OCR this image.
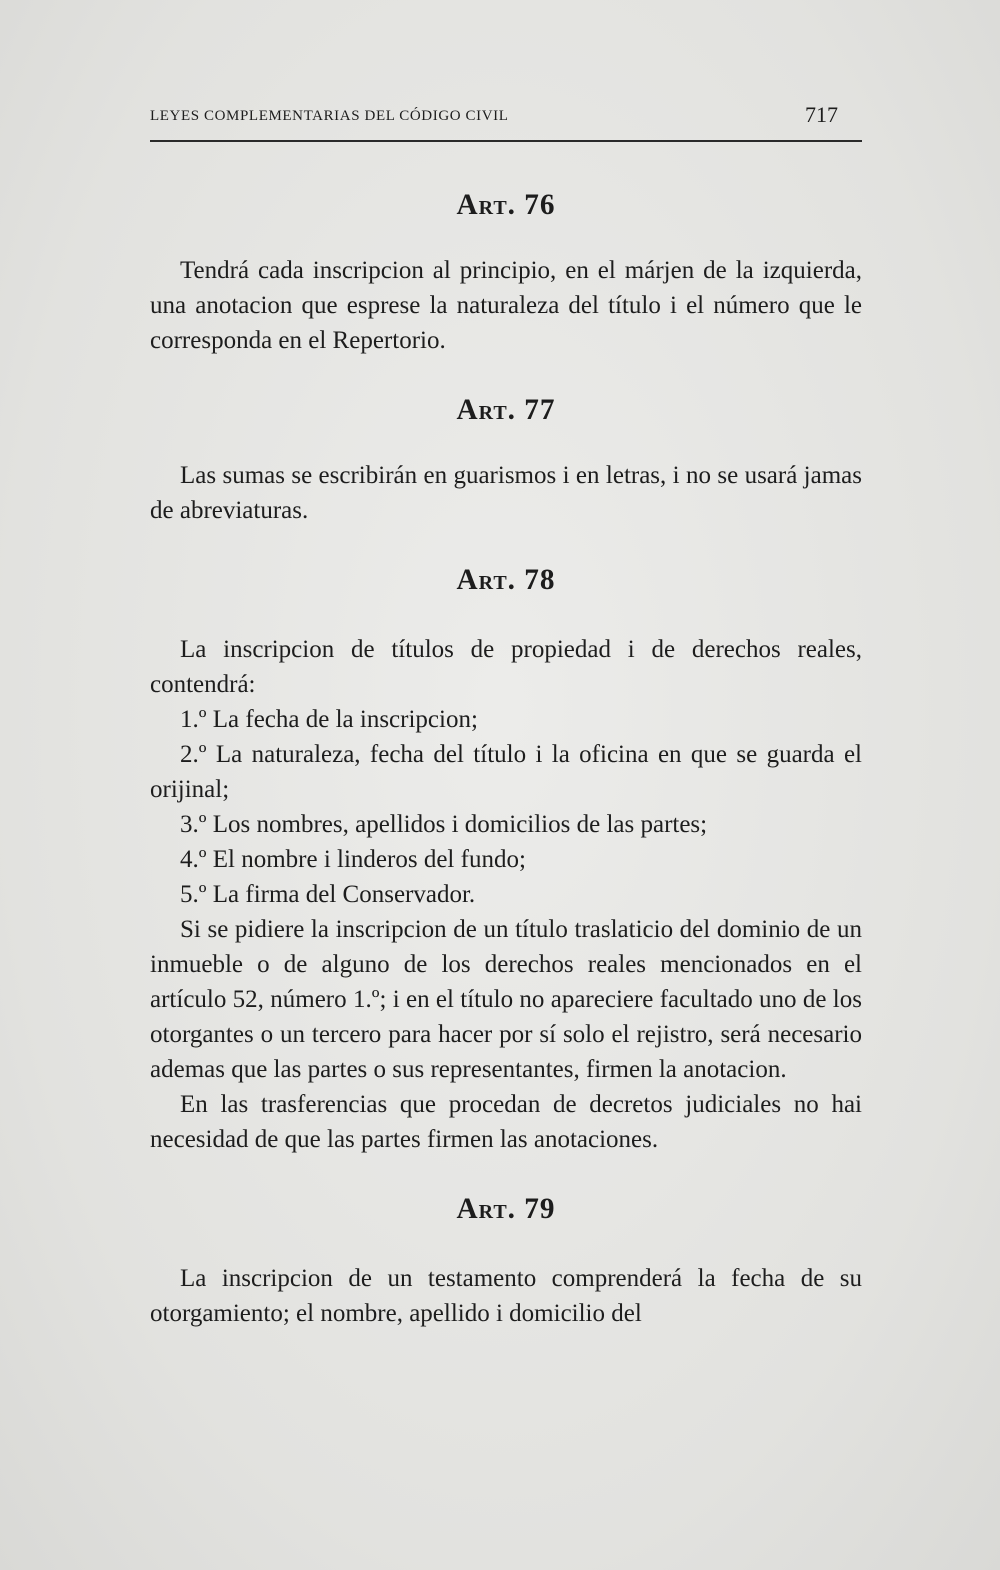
LEYES COMPLEMENTARIAS DEL CÓDIGO CIVIL	717
Art. 76

Tendrá cada inscripcion al principio, en el márjen de la izquierda, una anotacion que esprese la naturaleza del título i el número que le corresponda en el Repertorio.

Art. 77

Las sumas se escribirán en guarismos i en letras, i no se usará jamas de abreviaturas.

Art. 78

La inscripcion de títulos de propiedad i de derechos reales, contendrá:

1.º La fecha de la inscripcion;

2.º La naturaleza, fecha del título i la oficina en que se guarda el orijinal;

3.º Los nombres, apellidos i domicilios de las partes;

4.º El nombre i linderos del fundo;

5.º La firma del Conservador.

Si se pidiere la inscripcion de un título traslaticio del dominio de un inmueble o de alguno de los derechos reales mencionados en el artículo 52, número 1.º; i en el título no apareciere facultado uno de los otorgantes o un tercero para hacer por sí solo el rejistro, será necesario ademas que las partes o sus representantes, firmen la anotacion.

En las trasferencias que procedan de decretos judiciales no hai necesidad de que las partes firmen las anotaciones.

Art. 79

La inscripcion de un testamento comprenderá la fecha de su otorgamiento; el nombre, apellido i domicilio del
